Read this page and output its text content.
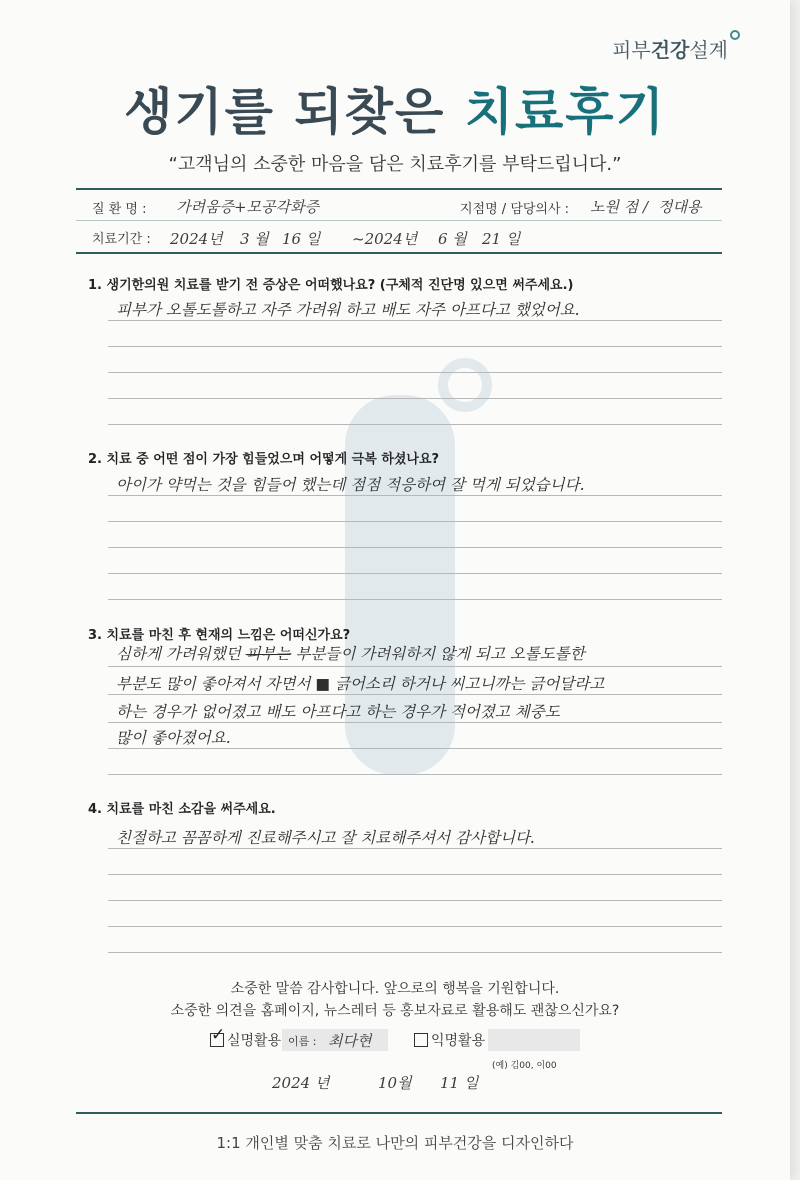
피부건강설계
생기를 되찾은 치료후기
“고객님의 소중한 마음을 담은 치료후기를 부탁드립니다.”
질 환 명 : 가려움증+모공각화증	지점명 / 담당의사 : 노원 점 / 정대용
치료기간 : 2024년 3 월 16 일 ~2024년 6 월 21 일
1. 생기한의원 치료를 받기 전 증상은 어떠했나요? (구체적 진단명 있으면 써주세요.)
피부가 오톨도톨하고 자주 가려워 하고 배도 자주 아프다고 했었어요.
2. 치료 중 어떤 점이 가장 힘들었으며 어떻게 극복 하셨나요?
아이가 약먹는 것을 힘들어 했는데 점점 적응하여 잘 먹게 되었습니다.
3. 치료를 마친 후 현재의 느낌은 어떠신가요?
심하게 가려워했던 피부는 부분들이 가려워하지 않게 되고 오톨도톨한
부분도 많이 좋아져서 자면서 ■ 긁어소리 하거나 씨고니까는 긁어달라고
하는 경우가 없어졌고 배도 아프다고 하는 경우가 적어졌고 체중도
많이 좋아졌어요.
4. 치료를 마친 소감을 써주세요.
친절하고 꼼꼼하게 진료해주시고 잘 치료해주셔서 감사합니다.
소중한 말씀 감사합니다. 앞으로의 행복을 기원합니다.
소중한 의견을 홈페이지, 뉴스레터 등 홍보자료로 활용해도 괜찮으신가요?
✓실명활용 이름 : 최다현	익명활용
(예) 김00, 이00
2024 년	10월 11 일
1:1 개인별 맞춤 치료로 나만의 피부건강을 디자인하다
